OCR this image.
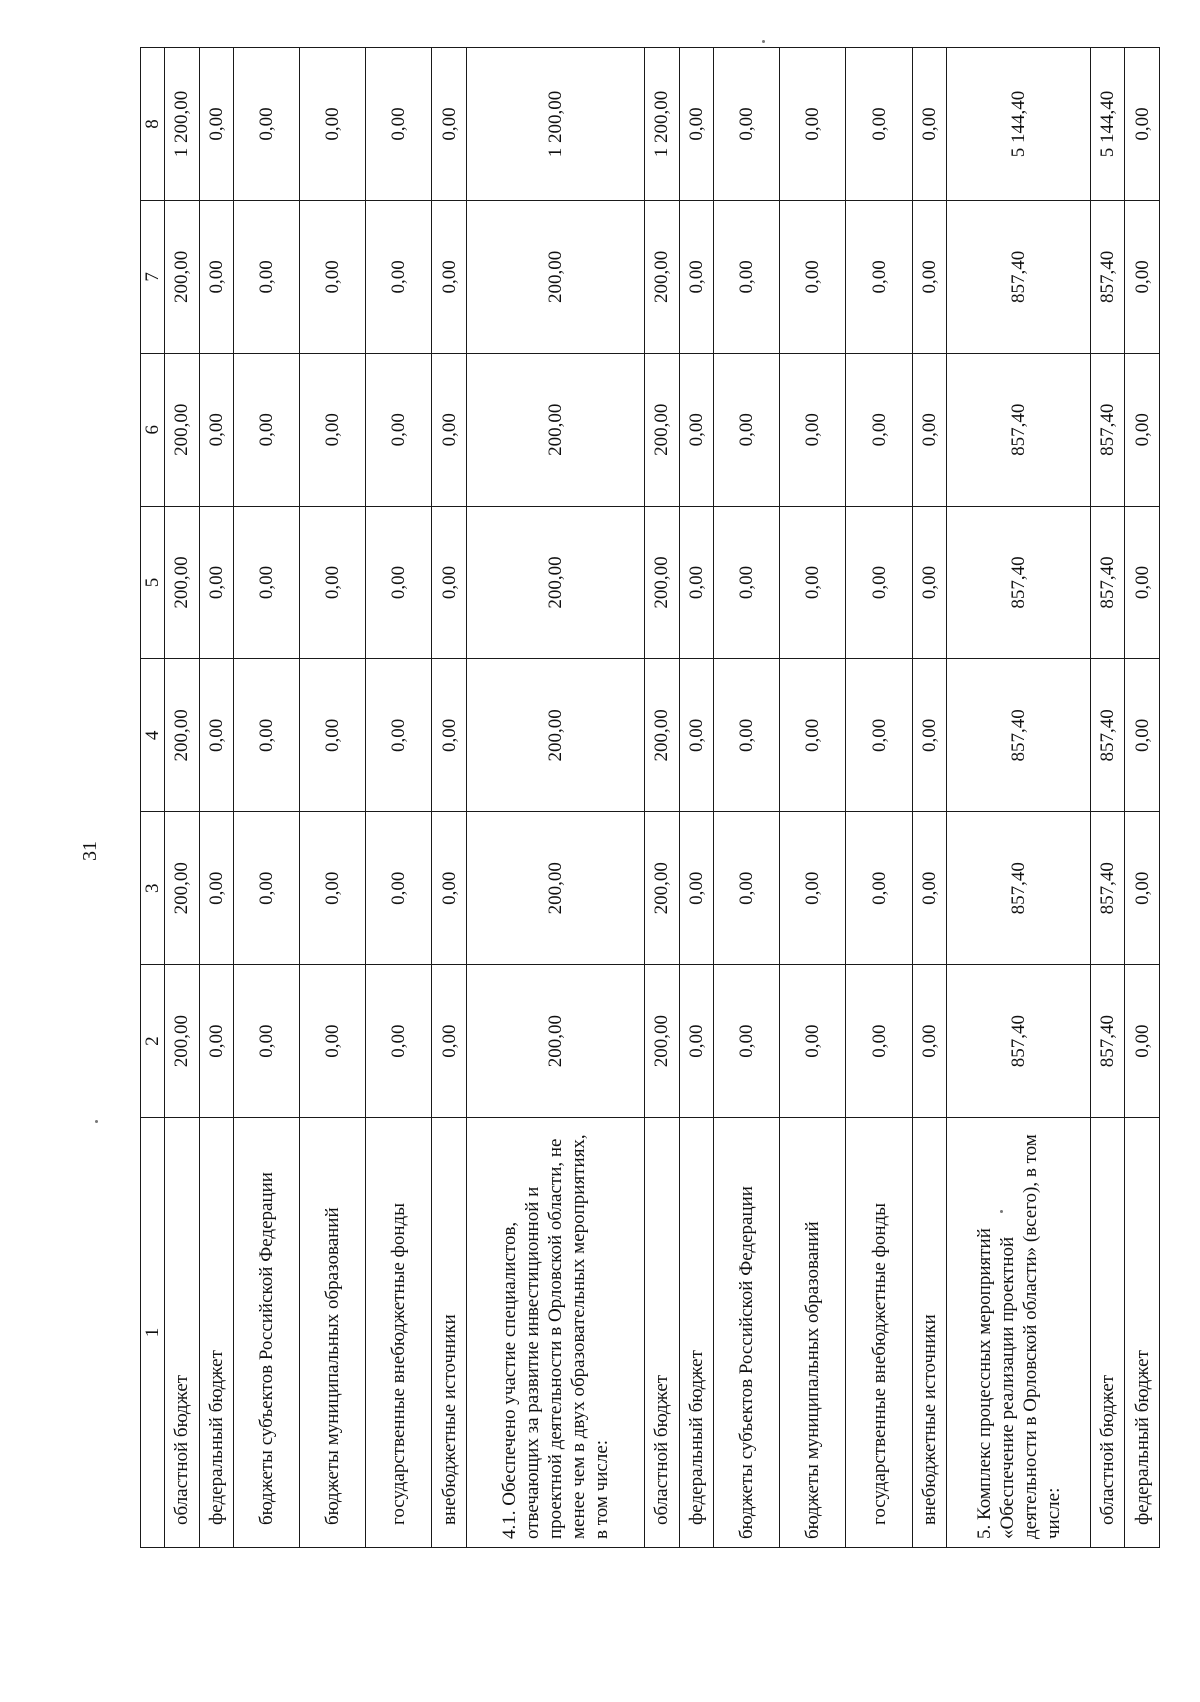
31
1	2	3	4	5	6	7	8
областной бюджет	200,00	200,00	200,00	200,00	200,00	200,00	1 200,00
федеральный бюджет	0,00	0,00	0,00	0,00	0,00	0,00	0,00
бюджеты субъектов Российской Федерации	0,00	0,00	0,00	0,00	0,00	0,00	0,00
бюджеты муниципальных образований	0,00	0,00	0,00	0,00	0,00	0,00	0,00
государственные внебюджетные фонды	0,00	0,00	0,00	0,00	0,00	0,00	0,00
внебюджетные источники	0,00	0,00	0,00	0,00	0,00	0,00	0,00
4.1. Обеспечено участие специалистов, отвечающих за развитие инвестиционной и проектной деятельности в Орловской области, не менее чем в двух образовательных мероприятиях, в том числе:	200,00	200,00	200,00	200,00	200,00	200,00	1 200,00
областной бюджет	200,00	200,00	200,00	200,00	200,00	200,00	1 200,00
федеральный бюджет	0,00	0,00	0,00	0,00	0,00	0,00	0,00
бюджеты субъектов Российской Федерации	0,00	0,00	0,00	0,00	0,00	0,00	0,00
бюджеты муниципальных образований	0,00	0,00	0,00	0,00	0,00	0,00	0,00
государственные внебюджетные фонды	0,00	0,00	0,00	0,00	0,00	0,00	0,00
внебюджетные источники	0,00	0,00	0,00	0,00	0,00	0,00	0,00
5. Комплекс процессных мероприятий «Обеспечение реализации проектной деятельности в Орловской области» (всего), в том числе:	857,40	857,40	857,40	857,40	857,40	857,40	5 144,40
областной бюджет	857,40	857,40	857,40	857,40	857,40	857,40	5 144,40
федеральный бюджет	0,00	0,00	0,00	0,00	0,00	0,00	0,00
